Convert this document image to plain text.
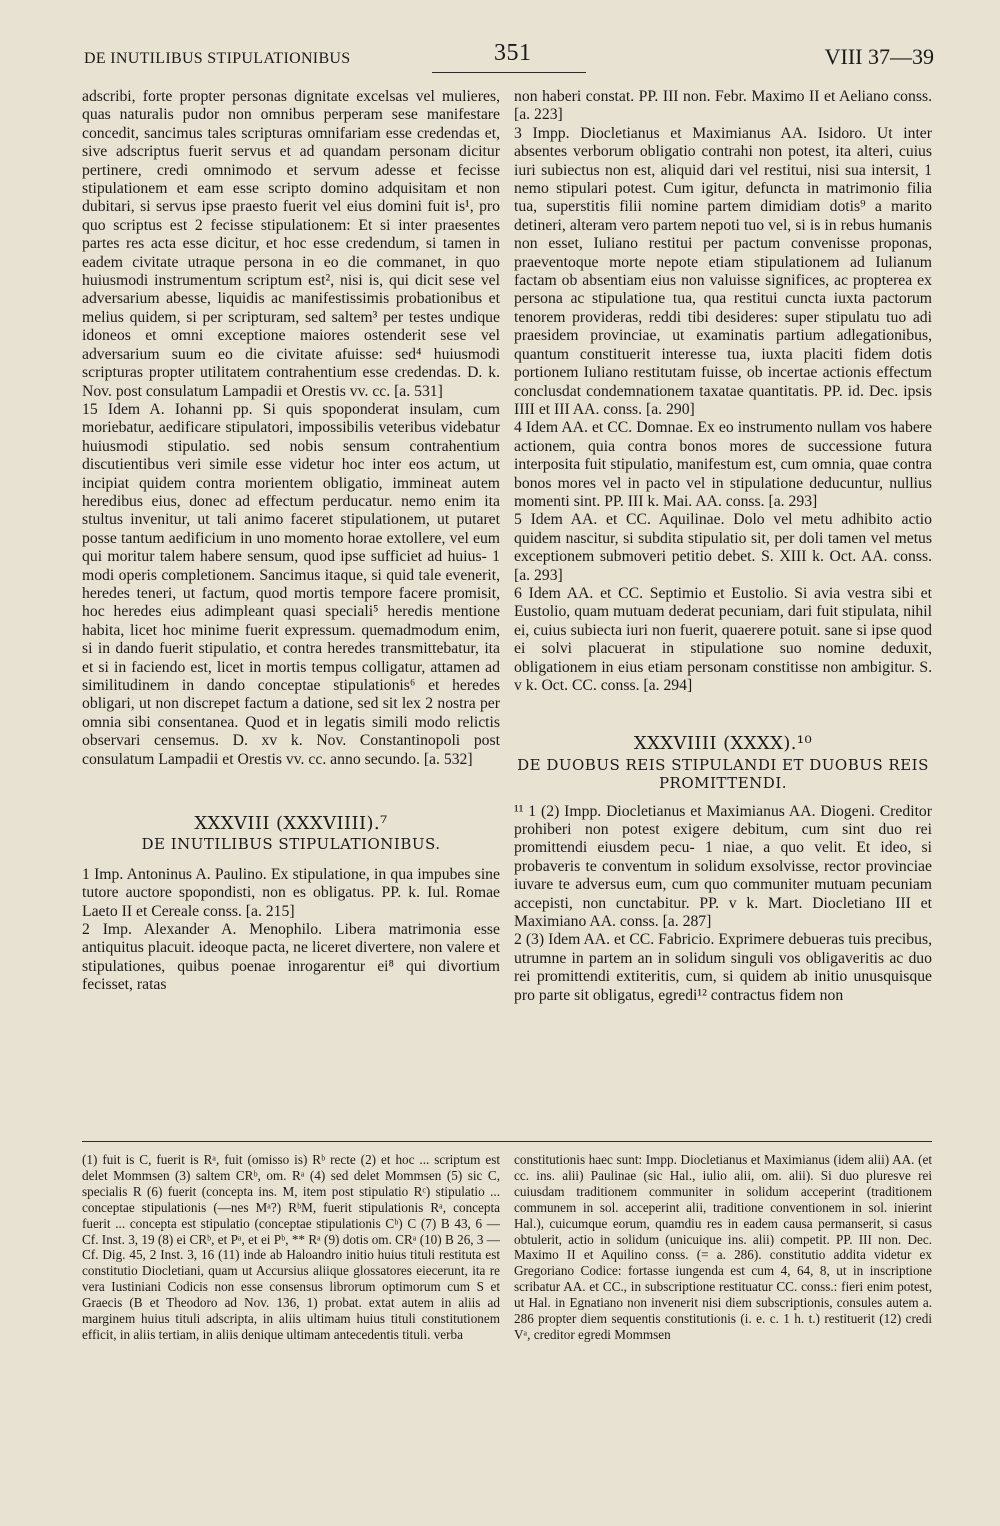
DE INUTILIBUS STIPULATIONIBUS	351	VIII 37—39

adscribi, forte propter personas dignitate excelsas vel mulieres, quas naturalis pudor non omnibus perperam sese manifestare concedit, sancimus tales scripturas omnifariam esse credendas et, sive adscriptus fuerit servus et ad quandam personam dicitur pertinere, credi omnimodo et servum adesse et fecisse stipulationem et eam esse scripto domino adquisitam et non dubitari, si servus ipse praesto fuerit vel eius domini fuit is¹, pro quo scriptus est 2 fecisse stipulationem: Et si inter praesentes partes res acta esse dicitur, et hoc esse credendum, si tamen in eadem civitate utraque persona in eo die commanet, in quo huiusmodi instrumentum scriptum est², nisi is, qui dicit sese vel adversarium abesse, liquidis ac manifestissimis probationibus et melius quidem, si per scripturam, sed saltem³ per testes undique idoneos et omni exceptione maiores ostenderit sese vel adversarium suum eo die civitate afuisse: sed⁴ huiusmodi scripturas propter utilitatem contrahentium esse credendas. D. k. Nov. post consulatum Lampadii et Orestis vv. cc. [a. 531]

15 Idem A. Iohanni pp. Si quis spoponderat insulam, cum moriebatur, aedificare stipulatori, impossibilis veteribus videbatur huiusmodi stipulatio. sed nobis sensum contrahentium discutientibus veri simile esse videtur hoc inter eos actum, ut incipiat quidem contra morientem obligatio, immineat autem heredibus eius, donec ad effectum perducatur. nemo enim ita stultus invenitur, ut tali animo faceret stipulationem, ut putaret posse tantum aedificium in uno momento horae extollere, vel eum qui moritur talem habere sensum, quod ipse sufficiet ad huius- 1 modi operis completionem. Sancimus itaque, si quid tale evenerit, heredes teneri, ut factum, quod mortis tempore facere promisit, hoc heredes eius adimpleant quasi speciali⁵ heredis mentione habita, licet hoc minime fuerit expressum. quemadmodum enim, si in dando fuerit stipulatio, et contra heredes transmittebatur, ita et si in faciendo est, licet in mortis tempus colligatur, attamen ad similitudinem in dando conceptae stipulationis⁶ et heredes obligari, ut non discrepet factum a datione, sed sit lex 2 nostra per omnia sibi consentanea. Quod et in legatis simili modo relictis observari censemus. D. xv k. Nov. Constantinopoli post consulatum Lampadii et Orestis vv. cc. anno secundo. [a. 532]

XXXVIII (XXXVIIII).⁷
DE INUTILIBUS STIPULATIONIBUS.

1 Imp. Antoninus A. Paulino. Ex stipulatione, in qua impubes sine tutore auctore spopondisti, non es obligatus. PP. k. Iul. Romae Laeto II et Cereale conss. [a. 215]

2 Imp. Alexander A. Menophilo. Libera matrimonia esse antiquitus placuit. ideoque pacta, ne liceret divertere, non valere et stipulationes, quibus poenae inrogarentur ei⁸ qui divortium fecisset, ratas

non haberi constat. PP. III non. Febr. Maximo II et Aeliano conss. [a. 223]

3 Impp. Diocletianus et Maximianus AA. Isidoro. Ut inter absentes verborum obligatio contrahi non potest, ita alteri, cuius iuri subiectus non est, aliquid dari vel restitui, nisi sua intersit, 1 nemo stipulari potest. Cum igitur, defuncta in matrimonio filia tua, superstitis filii nomine partem dimidiam dotis⁹ a marito detineri, alteram vero partem nepoti tuo vel, si is in rebus humanis non esset, Iuliano restitui per pactum convenisse proponas, praeventoque morte nepote etiam stipulationem ad Iulianum factam ob absentiam eius non valuisse significes, ac propterea ex persona ac stipulatione tua, qua restitui cuncta iuxta pactorum tenorem provideras, reddi tibi desideres: super stipulatu tuo adi praesidem provinciae, ut examinatis partium adlegationibus, quantum constituerit interesse tua, iuxta placiti fidem dotis portionem Iuliano restitutam fuisse, ob incertae actionis effectum conclusdat condemnationem taxatae quantitatis. PP. id. Dec. ipsis IIII et III AA. conss. [a. 290]

4 Idem AA. et CC. Domnae. Ex eo instrumento nullam vos habere actionem, quia contra bonos mores de successione futura interposita fuit stipulatio, manifestum est, cum omnia, quae contra bonos mores vel in pacto vel in stipulatione deducuntur, nullius momenti sint. PP. III k. Mai. AA. conss. [a. 293]

5 Idem AA. et CC. Aquilinae. Dolo vel metu adhibito actio quidem nascitur, si subdita stipulatio sit, per doli tamen vel metus exceptionem submoveri petitio debet. S. XIII k. Oct. AA. conss. [a. 293]

6 Idem AA. et CC. Septimio et Eustolio. Si avia vestra sibi et Eustolio, quam mutuam dederat pecuniam, dari fuit stipulata, nihil ei, cuius subiecta iuri non fuerit, quaerere potuit. sane si ipse quod ei solvi placuerat in stipulatione suo nomine deduxit, obligationem in eius etiam personam constitisse non ambigitur. S. v k. Oct. CC. conss. [a. 294]

XXXVIIII (XXXX).¹⁰
DE DUOBUS REIS STIPULANDI ET DUOBUS REIS PROMITTENDI.

¹¹ 1 (2) Impp. Diocletianus et Maximianus AA. Diogeni. Creditor prohiberi non potest exigere debitum, cum sint duo rei promittendi eiusdem pecu- 1 niae, a quo velit. Et ideo, si probaveris te conventum in solidum exsolvisse, rector provinciae iuvare te adversus eum, cum quo communiter mutuam pecuniam accepisti, non cunctabitur. PP. v k. Mart. Diocletiano III et Maximiano AA. conss. [a. 287]

2 (3) Idem AA. et CC. Fabricio. Exprimere debueras tuis precibus, utrumne in partem an in solidum singuli vos obligaveritis ac duo rei promittendi extiteritis, cum, si quidem ab initio unusquisque pro parte sit obligatus, egredi¹² contractus fidem non

(1) fuit is C, fuerit is Rᵃ, fuit (omisso is) Rᵇ recte (2) et hoc ... scriptum est delet Mommsen (3) saltem CRᵇ, om. Rᵃ (4) sed delet Mommsen (5) sic C, specialis R (6) fuerit (concepta ins. M, item post stipulatio Rᶜ) stipulatio ... conceptae stipulationis (—nes Mᵃ?) RᵇM, fuerit stipulationis Rᵃ, concepta fuerit ... concepta est stipulatio (conceptae stipulationis Cᵇ) C (7) B 43, 6 — Cf. Inst. 3, 19 (8) ei CRᵇ, et Pᵃ, et ei Pᵇ, ** Rᵃ (9) dotis om. CRᵃ (10) B 26, 3 — Cf. Dig. 45, 2 Inst. 3, 16 (11) inde ab Haloandro initio huius tituli restituta est constitutio Diocletiani, quam ut Accursius aliique glossatores eiecerunt, ita re vera Iustiniani Codicis non esse consensus librorum optimorum cum S et Graecis (B et Theodoro ad Nov. 136, 1) probat. extat autem in aliis ad marginem huius tituli adscripta, in aliis ultimam huius tituli constitutionem efficit, in aliis tertiam, in aliis denique ultimam antecedentis tituli. verba
constitutionis haec sunt: Impp. Diocletianus et Maximianus (idem alii) AA. (et cc. ins. alii) Paulinae (sic Hal., iulio alii, om. alii). Si duo pluresve rei cuiusdam traditionem communiter in solidum acceperint (traditionem communem in sol. acceperint alii, traditione conventionem in sol. inierint Hal.), cuicumque eorum, quamdiu res in eadem causa permanserit, si casus obtulerit, actio in solidum (unicuique ins. alii) competit. PP. III non. Dec. Maximo II et Aquilino conss. (= a. 286). constitutio addita videtur ex Gregoriano Codice: fortasse iungenda est cum 4, 64, 8, ut in inscriptione scribatur AA. et CC., in subscriptione restituatur CC. conss.: fieri enim potest, ut Hal. in Egnatiano non invenerit nisi diem subscriptionis, consules autem a. 286 propter diem sequentis constitutionis (i. e. c. 1 h. t.) restituerit (12) credi Vᵃ, creditor egredi Mommsen
